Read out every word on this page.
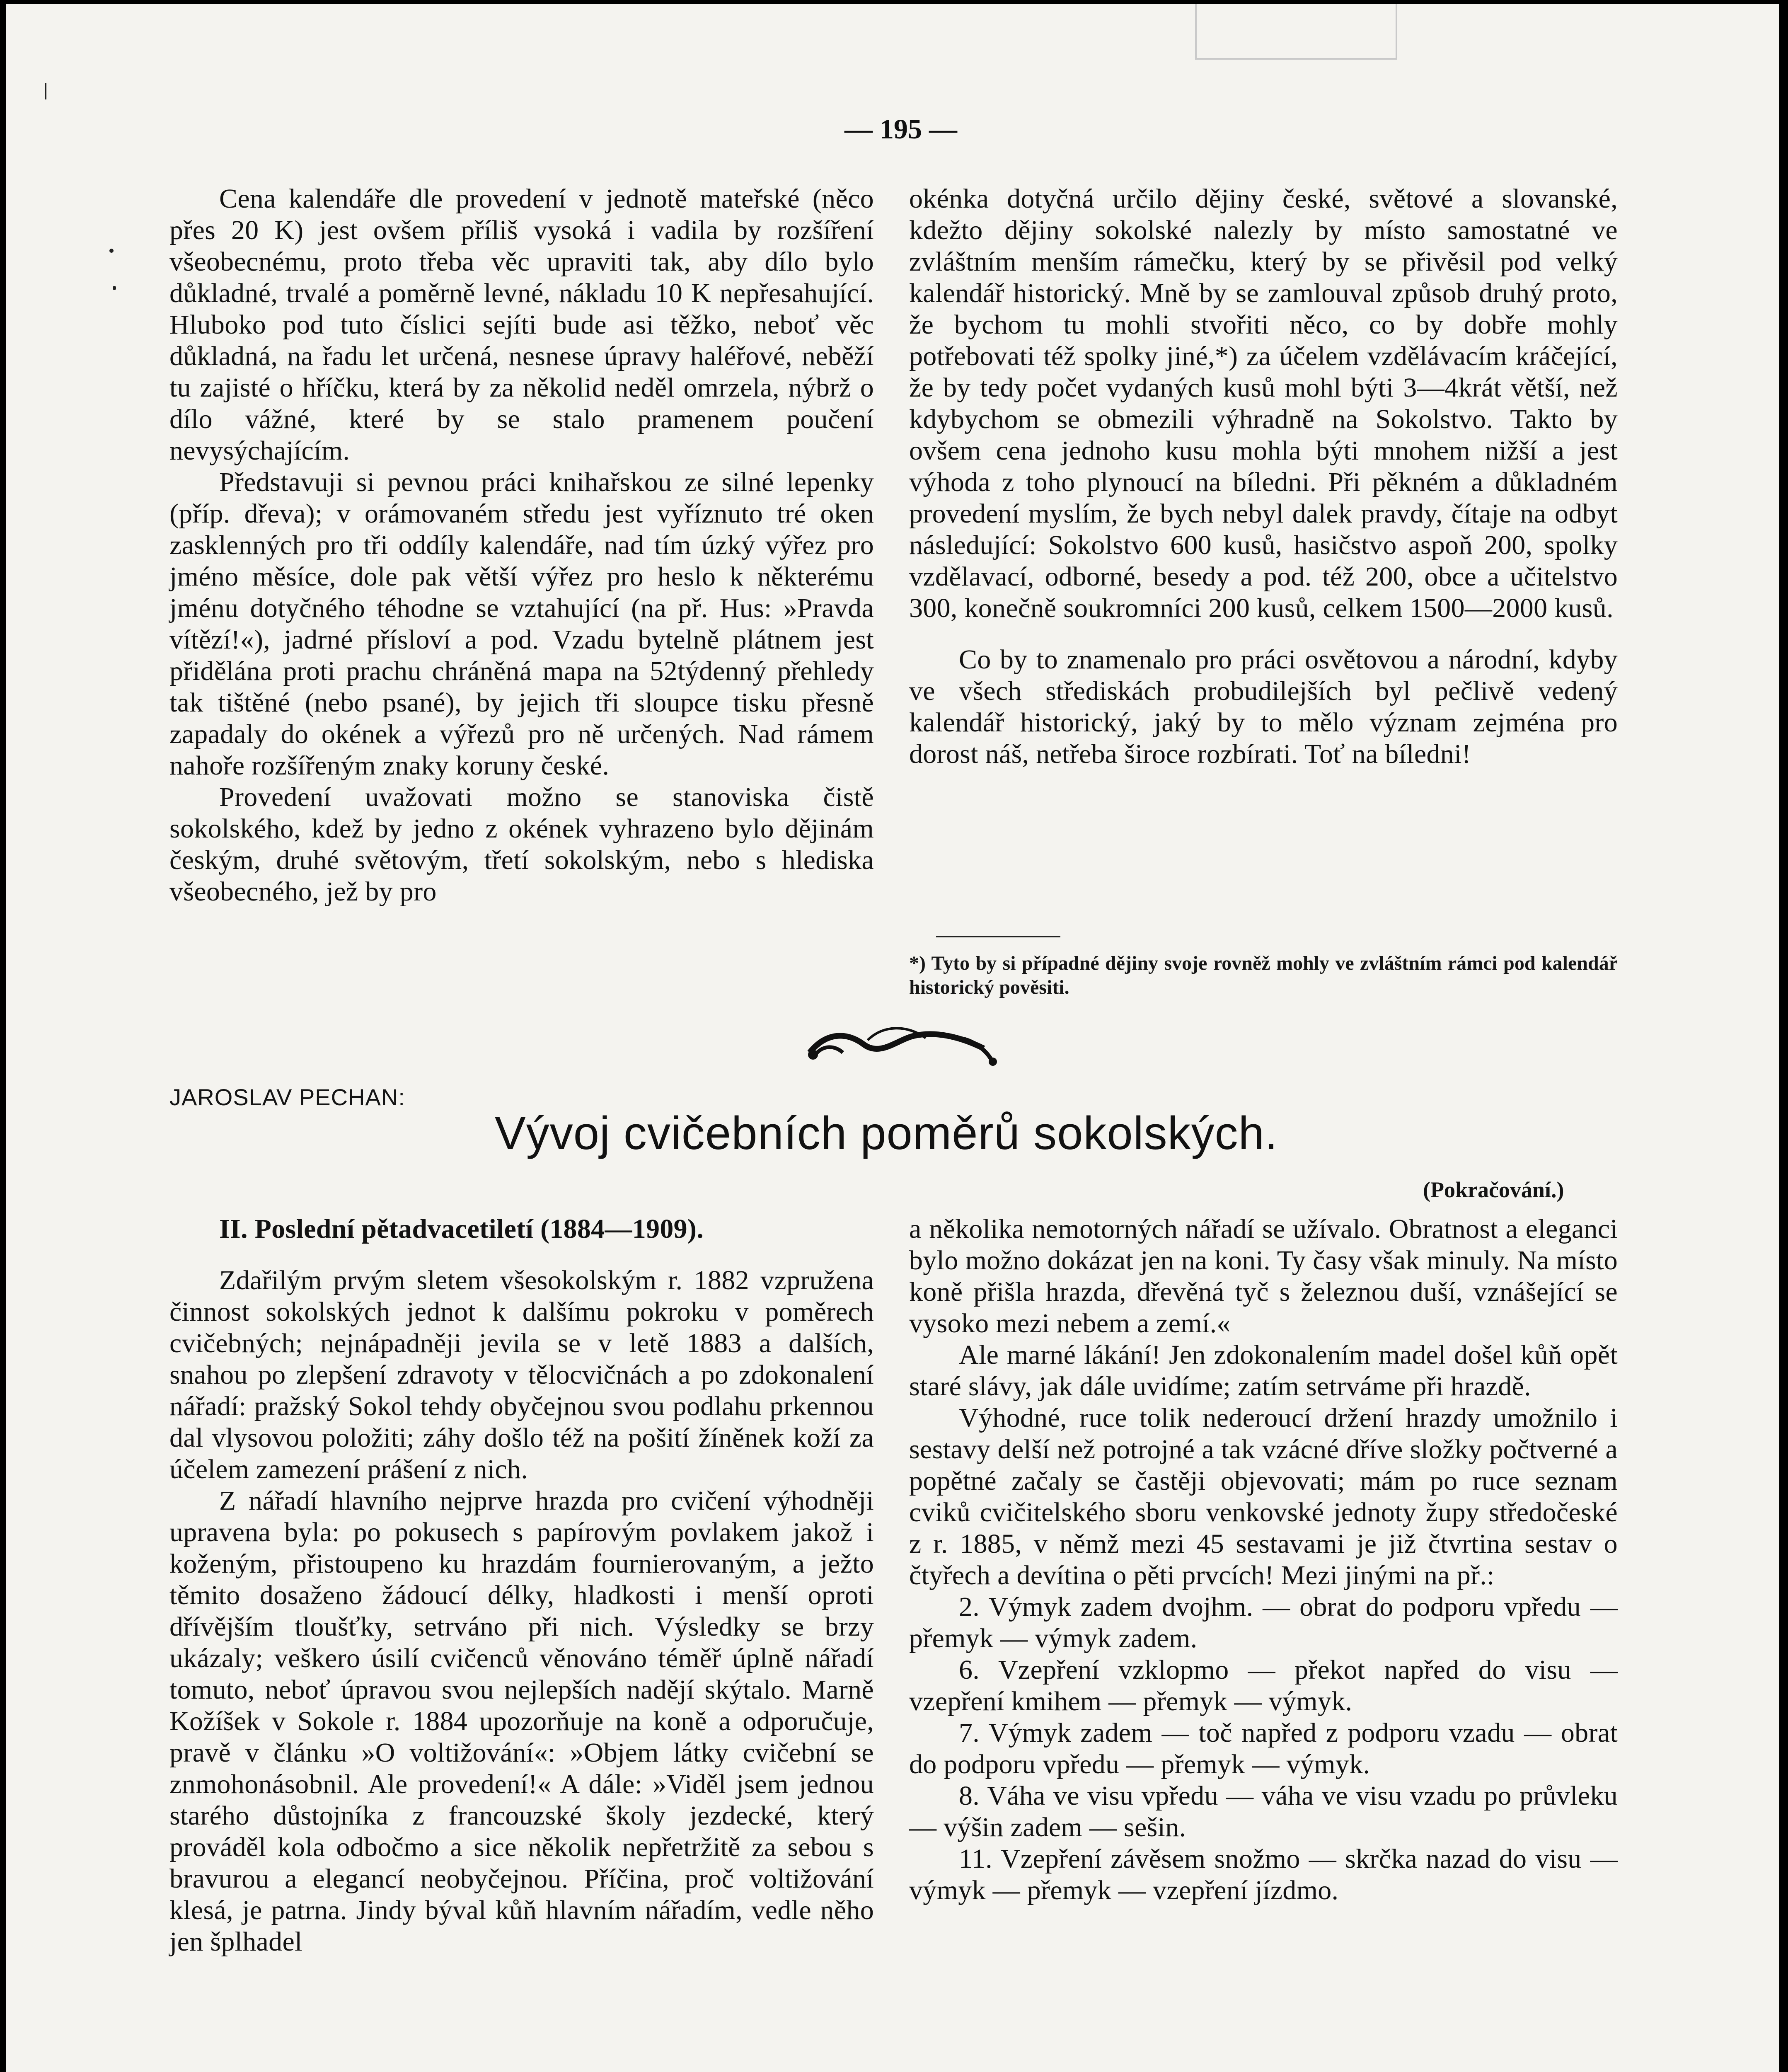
— 195 —

Cena kalendáře dle provedení v jednotě mateřské (něco přes 20 K) jest ovšem příliš vysoká i vadila by rozšíření všeobecnému, proto třeba věc upraviti tak, aby dílo bylo důkladné, trvalé a poměrně levné, nákladu 10 K nepřesahující. Hluboko pod tuto číslici sejíti bude asi těžko, neboť věc důkladná, na řadu let určená, nesnese úpravy haléřové, neběží tu zajisté o hříčku, která by za několid neděl omrzela, nýbrž o dílo vážné, které by se stalo pramenem poučení nevysýchajícím.

Představuji si pevnou práci knihařskou ze silné lepenky (příp. dřeva); v orámovaném středu jest vyříznuto tré oken zasklenných pro tři oddíly kalendáře, nad tím úzký výřez pro jméno měsíce, dole pak větší výřez pro heslo k některému jménu dotyčného téhodne se vztahující (na př. Hus: »Pravda vítězí!«), jadrné přísloví a pod. Vzadu bytelně plátnem jest přidělána proti prachu chráněná mapa na 52týdenný přehledy tak tištěné (nebo psané), by jejich tři sloupce tisku přesně zapadaly do okének a výřezů pro ně určených. Nad rámem nahoře rozšířeným znaky koruny české.

Provedení uvažovati možno se stanoviska čistě sokolského, kdež by jedno z okének vyhrazeno bylo dějinám českým, druhé světovým, třetí sokolským, nebo s hlediska všeobecného, jež by pro

okénka dotyčná určilo dějiny české, světové a slovanské, kdežto dějiny sokolské nalezly by místo samostatné ve zvláštním menším rámečku, který by se přivěsil pod velký kalendář historický. Mně by se zamlouval způsob druhý proto, že bychom tu mohli stvořiti něco, co by dobře mohly potřebovati též spolky jiné,*) za účelem vzdělávacím kráčející, že by tedy počet vydaných kusů mohl býti 3—4krát větší, než kdybychom se obmezili výhradně na Sokolstvo. Takto by ovšem cena jednoho kusu mohla býti mnohem nižší a jest výhoda z toho plynoucí na bíledni. Při pěkném a důkladném provedení myslím, že bych nebyl dalek pravdy, čítaje na odbyt následující: Sokolstvo 600 kusů, hasičstvo aspoň 200, spolky vzdělavací, odborné, besedy a pod. též 200, obce a učitelstvo 300, konečně soukromníci 200 kusů, celkem 1500—2000 kusů.

Co by to znamenalo pro práci osvětovou a národní, kdyby ve všech střediskách probudilejších byl pečlivě vedený kalendář historický, jaký by to mělo význam zejména pro dorost náš, netřeba široce rozbírati. Toť na bíledni!

*) Tyto by si případné dějiny svoje rovněž mohly ve zvláštním rámci pod kalendář historický pověsiti.
JAROSLAV PECHAN:
Vývoj cvičebních poměrů sokolských.
(Pokračování.)

II. Poslední pětadvacetiletí (1884—1909).

Zdařilým prvým sletem všesokolským r. 1882 vzpružena činnost sokolských jednot k dalšímu pokroku v poměrech cvičebných; nejnápadněji jevila se v letě 1883 a dalších, snahou po zlepšení zdravoty v tělocvičnách a po zdokonalení nářadí: pražský Sokol tehdy obyčejnou svou podlahu prkennou dal vlysovou položiti; záhy došlo též na pošití žíněnek koží za účelem zamezení prášení z nich.

Z nářadí hlavního nejprve hrazda pro cvičení výhodněji upravena byla: po pokusech s papírovým povlakem jakož i koženým, přistoupeno ku hrazdám fournierovaným, a ježto těmito dosaženo žádoucí délky, hladkosti i menší oproti dřívějším tloušťky, setrváno při nich. Výsledky se brzy ukázaly; veškero úsilí cvičenců věnováno téměř úplně nářadí tomuto, neboť úpravou svou nejlepších nadějí skýtalo. Marně Kožíšek v Sokole r. 1884 upozorňuje na koně a odporučuje, pravě v článku »O voltižování«: »Objem látky cvičební se znmohonásobnil. Ale provedení!« A dále: »Viděl jsem jednou starého důstojníka z francouzské školy jezdecké, který prováděl kola odbočmo a sice několik nepřetržitě za sebou s bravurou a elegancí neobyčejnou. Příčina, proč voltižování klesá, je patrna. Jindy býval kůň hlavním nářadím, vedle něho jen šplhadel

a několika nemotorných nářadí se užívalo. Obratnost a eleganci bylo možno dokázat jen na koni. Ty časy však minuly. Na místo koně přišla hrazda, dřevěná tyč s železnou duší, vznášející se vysoko mezi nebem a zemí.«

Ale marné lákání! Jen zdokonalením madel došel kůň opět staré slávy, jak dále uvidíme; zatím setrváme při hrazdě.

Výhodné, ruce tolik nederoucí držení hrazdy umožnilo i sestavy delší než potrojné a tak vzácné dříve složky počtverné a popětné začaly se častěji objevovati; mám po ruce seznam cviků cvičitelského sboru venkovské jednoty župy středočeské z r. 1885, v němž mezi 45 sestavami je již čtvrtina sestav o čtyřech a devítina o pěti prvcích! Mezi jinými na př.:

2. Výmyk zadem dvojhm. — obrat do podporu vpředu — přemyk — výmyk zadem.

6. Vzepření vzklopmo — překot napřed do visu — vzepření kmihem — přemyk — výmyk.

7. Výmyk zadem — toč napřed z podporu vzadu — obrat do podporu vpředu — přemyk — výmyk.

8. Váha ve visu vpředu — váha ve visu vzadu po průvleku — výšin zadem — sešin.

11. Vzepření závěsem snožmo — skrčka nazad do visu — výmyk — přemyk — vzepření jízdmo.
